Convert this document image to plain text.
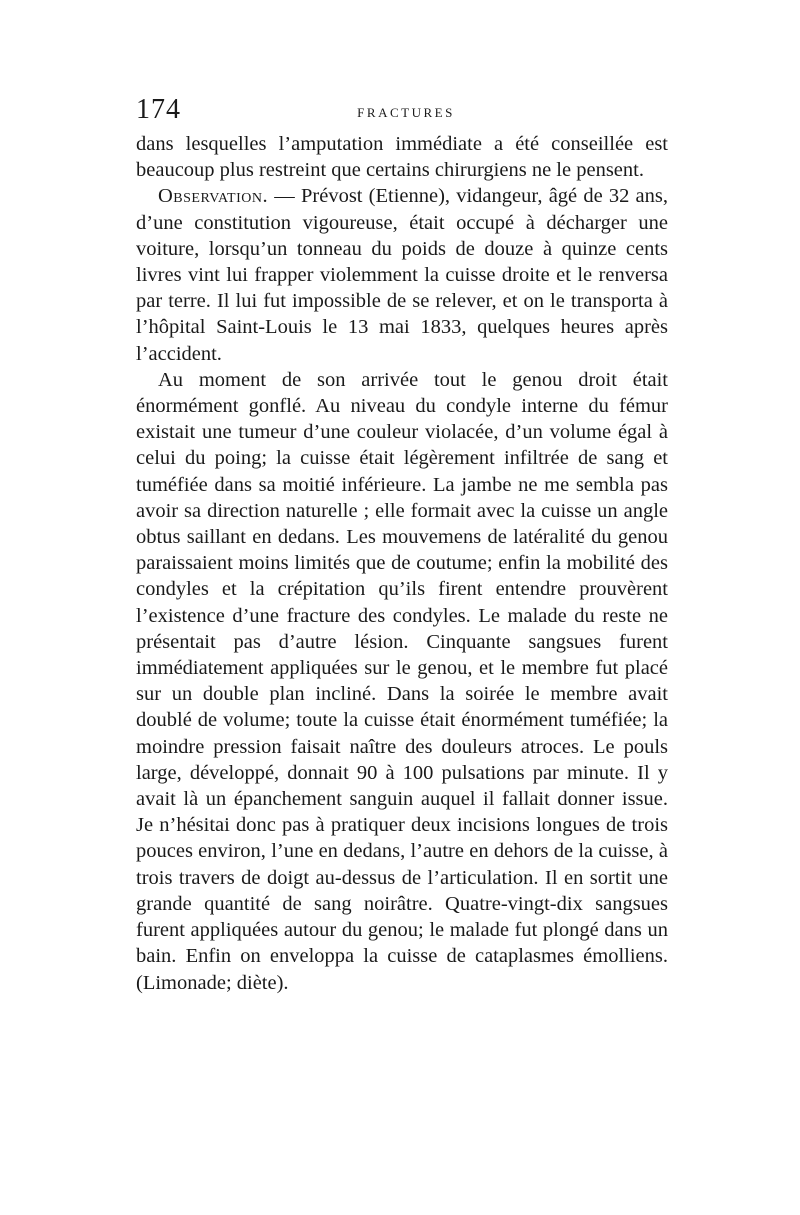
174	FRACTURES

dans lesquelles l’amputation immédiate a été conseillée est beaucoup plus restreint que certains chirurgiens ne le pensent.

Observation. — Prévost (Etienne), vidangeur, âgé de 32 ans, d’une constitution vigoureuse, était occupé à décharger une voiture, lorsqu’un tonneau du poids de douze à quinze cents livres vint lui frapper violemment la cuisse droite et le renversa par terre. Il lui fut impossible de se relever, et on le transporta à l’hôpital Saint-Louis le 13 mai 1833, quelques heures après l’accident.

Au moment de son arrivée tout le genou droit était énormément gonflé. Au niveau du condyle interne du fémur existait une tumeur d’une couleur violacée, d’un volume égal à celui du poing; la cuisse était légèrement infiltrée de sang et tuméfiée dans sa moitié inférieure. La jambe ne me sembla pas avoir sa direction naturelle ; elle formait avec la cuisse un angle obtus saillant en dedans. Les mouvemens de latéralité du genou paraissaient moins limités que de coutume; enfin la mobilité des condyles et la crépitation qu’ils firent entendre prouvèrent l’existence d’une fracture des condyles. Le malade du reste ne présentait pas d’autre lésion. Cinquante sangsues furent immédiatement appliquées sur le genou, et le membre fut placé sur un double plan incliné. Dans la soirée le membre avait doublé de volume; toute la cuisse était énormément tuméfiée; la moindre pression faisait naître des douleurs atroces. Le pouls large, développé, donnait 90 à 100 pulsations par minute. Il y avait là un épanchement sanguin auquel il fallait donner issue. Je n’hésitai donc pas à pratiquer deux incisions longues de trois pouces environ, l’une en dedans, l’autre en dehors de la cuisse, à trois travers de doigt au-dessus de l’articulation. Il en sortit une grande quantité de sang noirâtre. Quatre-vingt-dix sangsues furent appliquées autour du genou; le malade fut plongé dans un bain. Enfin on enveloppa la cuisse de cataplasmes émolliens. (Limonade; diète).
